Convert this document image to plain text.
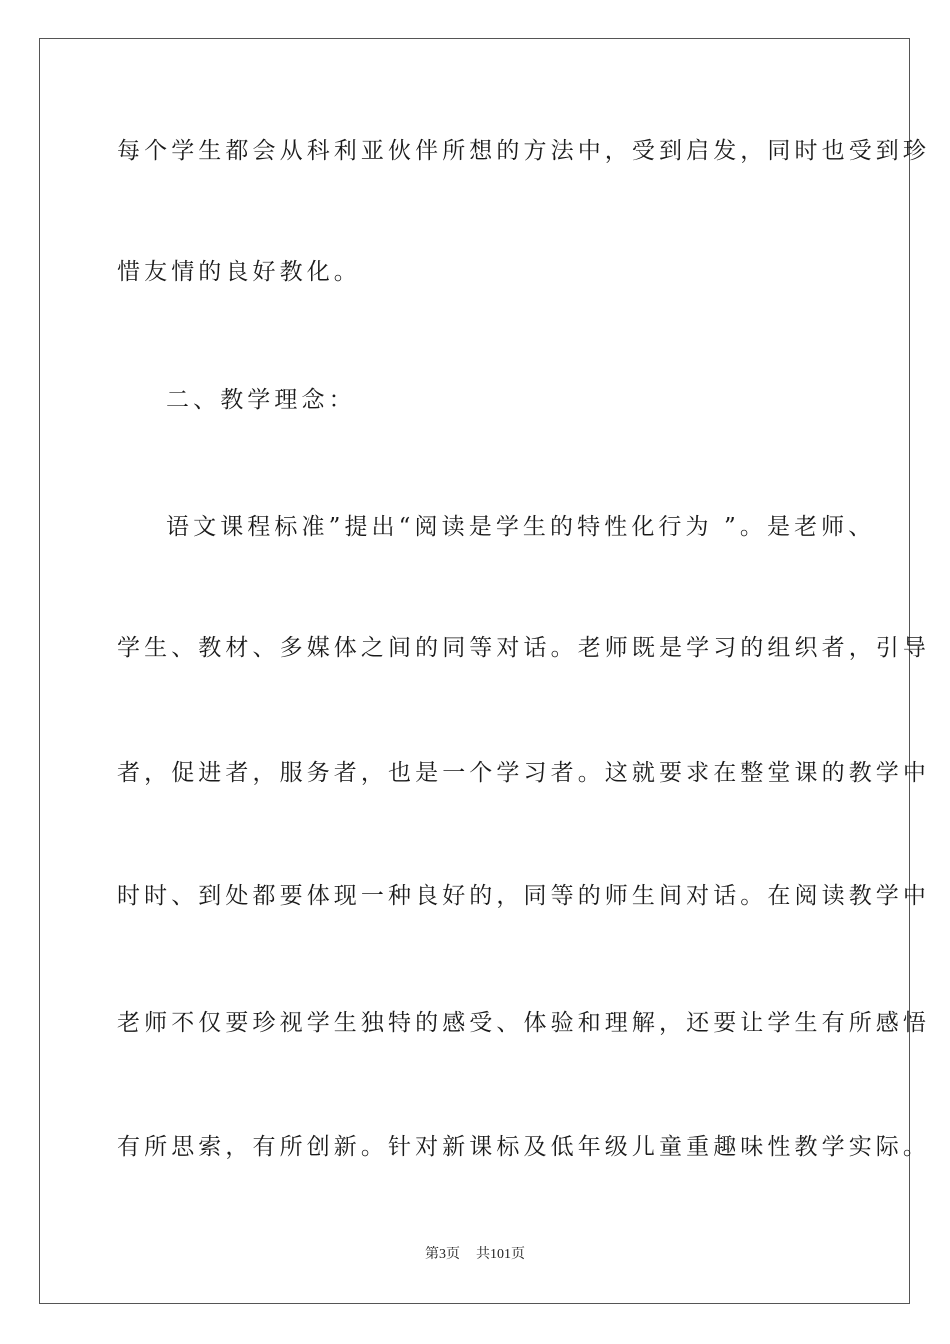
每个学生都会从科利亚伙伴所想的方法中，受到启发，同时也受到珍
惜友情的良好教化。
二、教学理念：
语文课程标准”提出“阅读是学生的特性化行为 ”。是老师、
学生、教材、多媒体之间的同等对话。老师既是学习的组织者，引导
者，促进者，服务者，也是一个学习者。这就要求在整堂课的教学中
时时、到处都要体现一种良好的，同等的师生间对话。在阅读教学中
老师不仅要珍视学生独特的感受、体验和理解，还要让学生有所感悟
有所思索，有所创新。针对新课标及低年级儿童重趣味性教学实际。
第3页 共101页
